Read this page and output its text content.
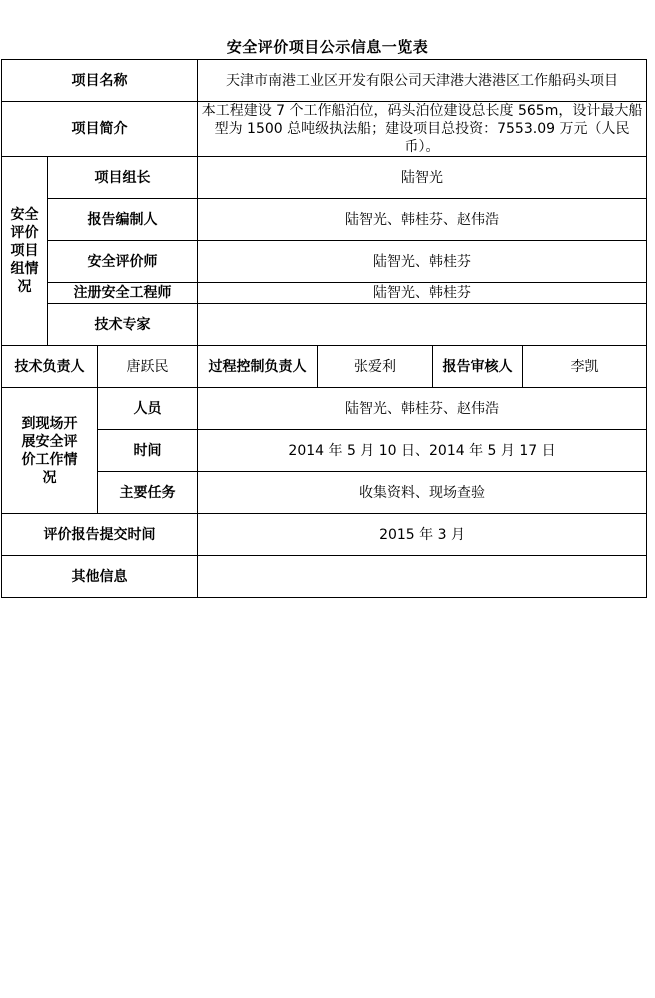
安全评价项目公示信息一览表
项目名称			天津市南港工业区开发有限公司天津港大港港区工作船码头项目			
项目简介			本工程建设 7 个工作船泊位，码头泊位建设总长度 565m，设计最大船型为 1500 总吨级执法船；建设项目总投资：7553.09 万元（人民币）。			
安全评价项目组情况	项目组长		陆智光			
	报告编制人		陆智光、韩桂芬、赵伟浩			
	安全评价师		陆智光、韩桂芬			
	注册安全工程师		陆智光、韩桂芬			
	技术专家					
技术负责人		唐跃民	过程控制负责人	张爱利	报告审核人	李凯

到现场开展安全评价工作情况		人员	陆智光、韩桂芬、赵伟浩			
		时间	2014 年 5 月 10 日、2014 年 5 月 17 日			
		主要任务	收集资料、现场查验			
评价报告提交时间			2015 年 3 月			
其他信息						
